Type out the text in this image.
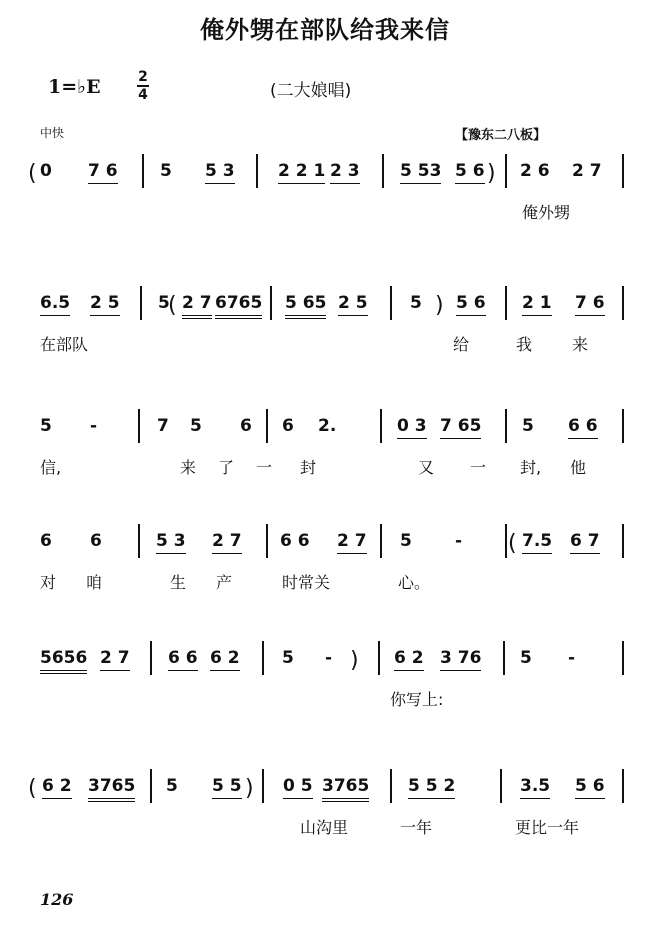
俺外甥在部队给我来信
1=♭E	2
4	(二大娘唱)
中快	【豫东二八板】
( 0 7 6 5 5 3	2 2 1 2 3 5 53 5 6 ) 2 6 2 7
俺外甥
6.5 2 5 5
( 2 7 6765 5 65 2 5 5 ) 5 6 2 1 7 6
在部队	给	我 来
5 -	7 5 6 6 2.	0 3 7 65 5 6 6
信,	来 了 一 封	又 一 封, 他
6 6	5 3 2 7 6 6 2 7 5	- ( 7.5 6 7
对 咱	生 产	时常关	心。
5656 2 7 6 6 6 2 5 - ) 6 2 3 76 5 -
你写上:
( 6 2 3765 5 5 5 ) 0 5 3765 5 5 2	3.5 5 6
山沟里	一年	更比一年
126
